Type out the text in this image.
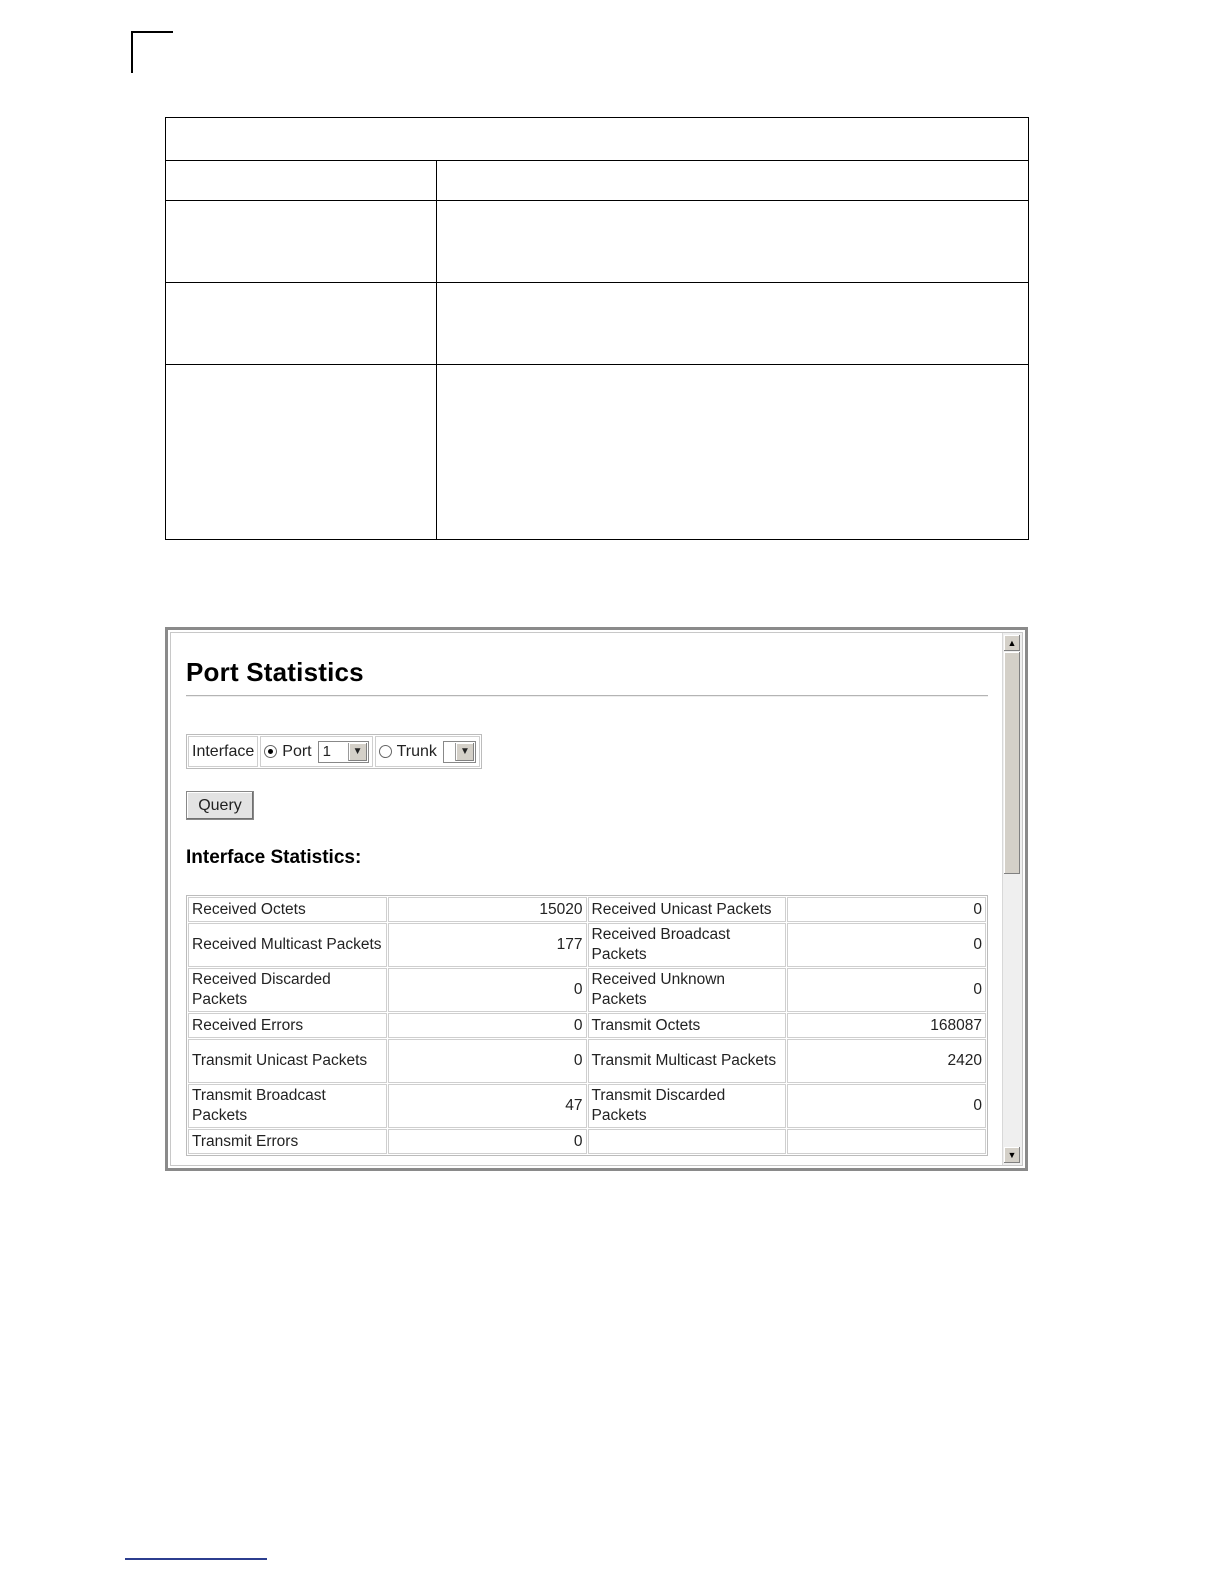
Port Statistics
Interface Port 1	▼ Trunk	▼
Query
Interface Statistics:
Received Octets	15020	Received Unicast Packets	0
Received Multicast Packets	177	Received Broadcast Packets	0
Received Discarded Packets	0	Received Unknown Packets	0
Received Errors	0	Transmit Octets	168087
Transmit Unicast Packets	0	Transmit Multicast Packets	2420
Transmit Broadcast Packets	47	Transmit Discarded Packets	0
Transmit Errors	0		
▲
▼
